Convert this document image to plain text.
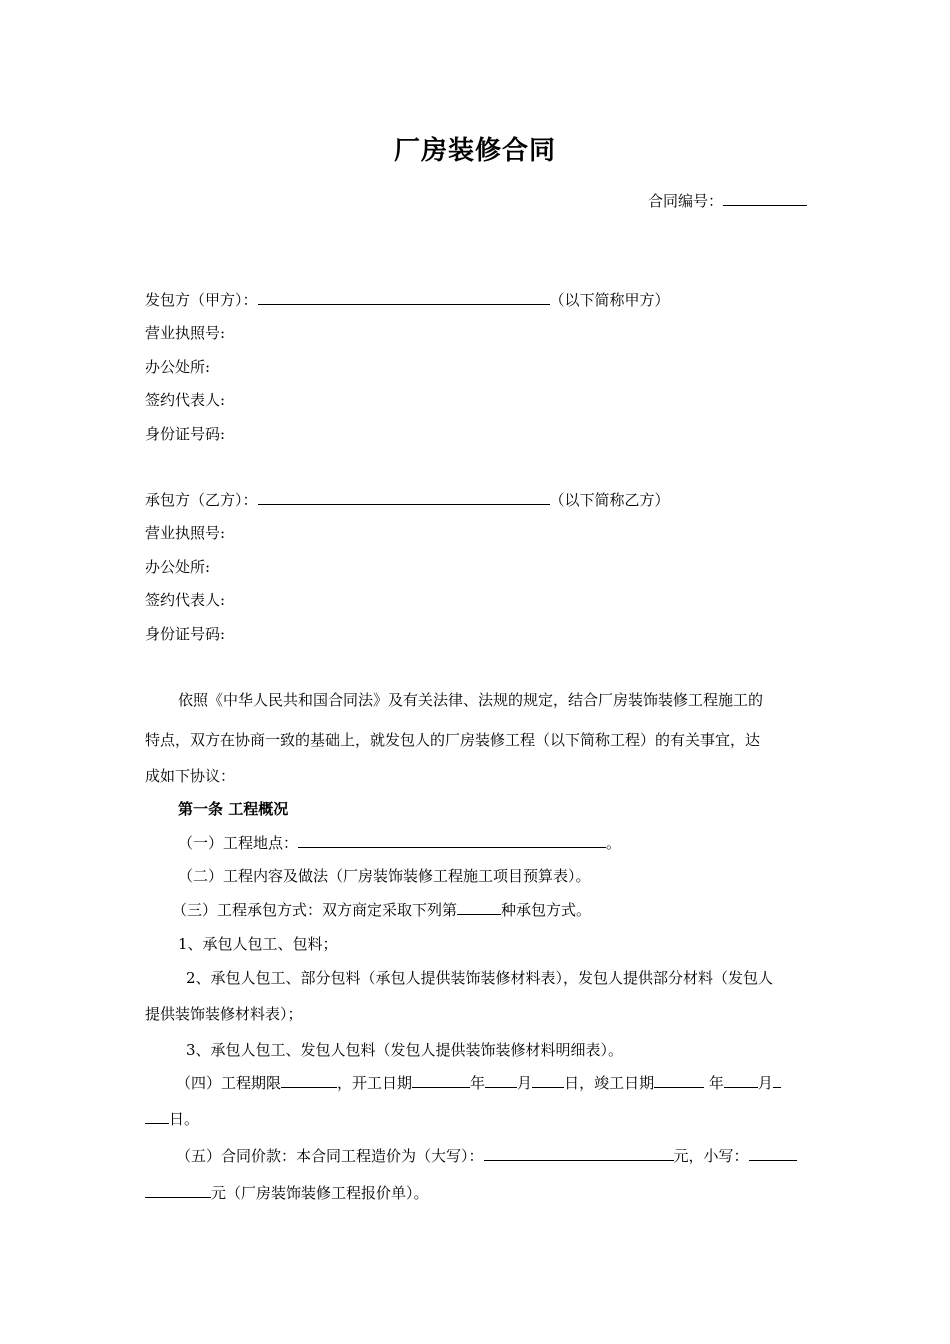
厂房装修合同
合同编号：
发包方（甲方）：	（以下简称甲方）
营业执照号:
办公处所:
签约代表人:
身份证号码:
承包方（乙方）：	（以下简称乙方）
营业执照号:
办公处所:
签约代表人:
身份证号码:
依照《中华人民共和国合同法》及有关法律、法规的规定，结合厂房装饰装修工程施工的
特点，双方在协商一致的基础上，就发包人的厂房装修工程（以下简称工程）的有关事宜，达
成如下协议：
第一条 工程概况
（一）工程地点：	。
（二）工程内容及做法（厂房装饰装修工程施工项目预算表）。
（三）工程承包方式：双方商定采取下列第	种承包方式。
1、承包人包工、包料；
2、承包人包工、部分包料（承包人提供装饰装修材料表），发包人提供部分材料（发包人
提供装饰装修材料表）；
3、承包人包工、发包人包料（发包人提供装饰装修材料明细表）。
（四）工程期限	，开工日期	年 月 日，竣工日期	年 月
日。
（五）合同价款：本合同工程造价为（大写）：	元，小写：
元（厂房装饰装修工程报价单）。
